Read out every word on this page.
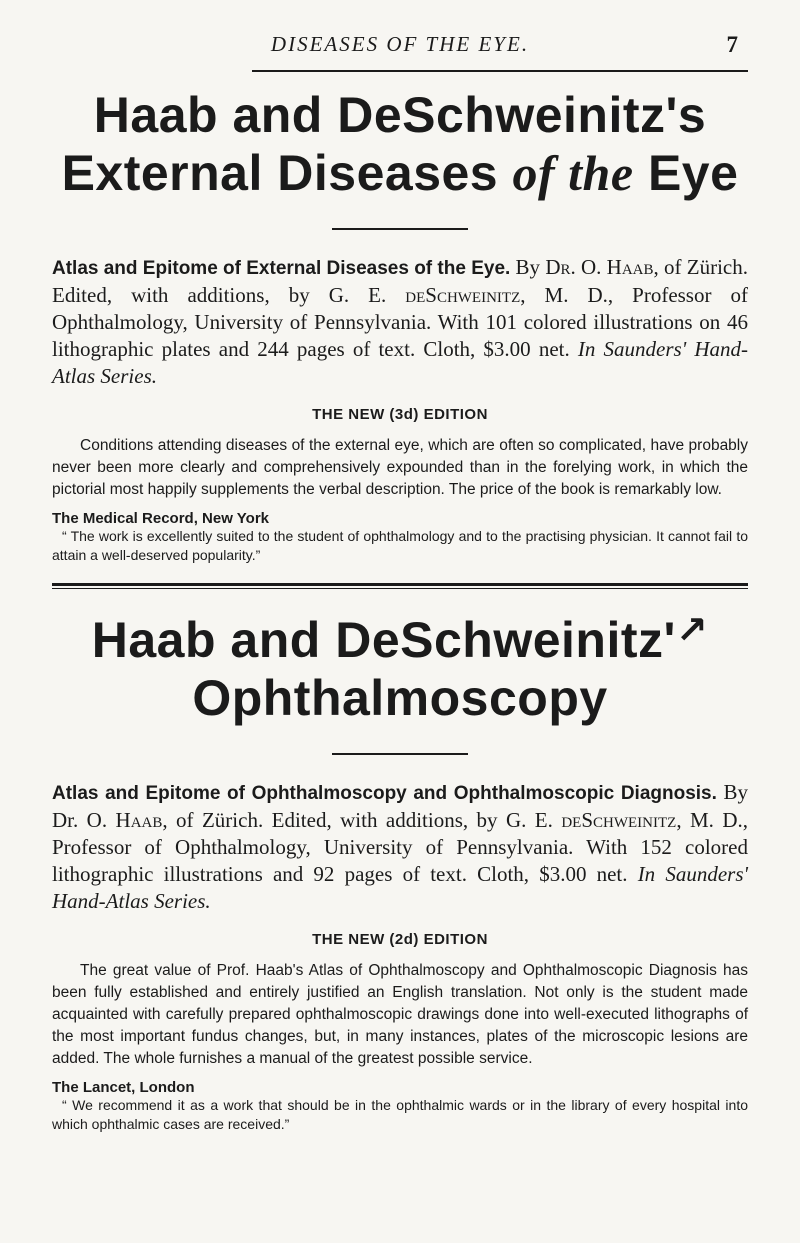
DISEASES OF THE EYE.	7
Haab and DeSchweinitz's
External Diseases of the Eye

Atlas and Epitome of External Diseases of the Eye. By Dr. O. Haab, of Zürich. Edited, with additions, by G. E. deSchweinitz, M. D., Professor of Ophthalmology, University of Pennsylvania. With 101 colored illustrations on 46 lithographic plates and 244 pages of text. Cloth, $3.00 net. In Saunders' Hand-Atlas Series.

THE NEW (3d) EDITION

Conditions attending diseases of the external eye, which are often so complicated, have probably never been more clearly and comprehensively expounded than in the forelying work, in which the pictorial most happily supplements the verbal description. The price of the book is remarkably low.

The Medical Record, New York

“ The work is excellently suited to the student of ophthalmology and to the practising physician. It cannot fail to attain a well-deserved popularity.”

Haab and DeSchweinitz'↗
Ophthalmoscopy

Atlas and Epitome of Ophthalmoscopy and Ophthalmoscopic Diagnosis. By Dr. O. Haab, of Zürich. Edited, with additions, by G. E. deSchweinitz, M. D., Professor of Ophthalmology, University of Pennsylvania. With 152 colored lithographic illustrations and 92 pages of text. Cloth, $3.00 net. In Saunders' Hand-Atlas Series.

THE NEW (2d) EDITION

The great value of Prof. Haab's Atlas of Ophthalmoscopy and Ophthalmoscopic Diagnosis has been fully established and entirely justified an English translation. Not only is the student made acquainted with carefully prepared ophthalmoscopic drawings done into well-executed lithographs of the most important fundus changes, but, in many instances, plates of the microscopic lesions are added. The whole furnishes a manual of the greatest possible service.

The Lancet, London

“ We recommend it as a work that should be in the ophthalmic wards or in the library of every hospital into which ophthalmic cases are received.”
